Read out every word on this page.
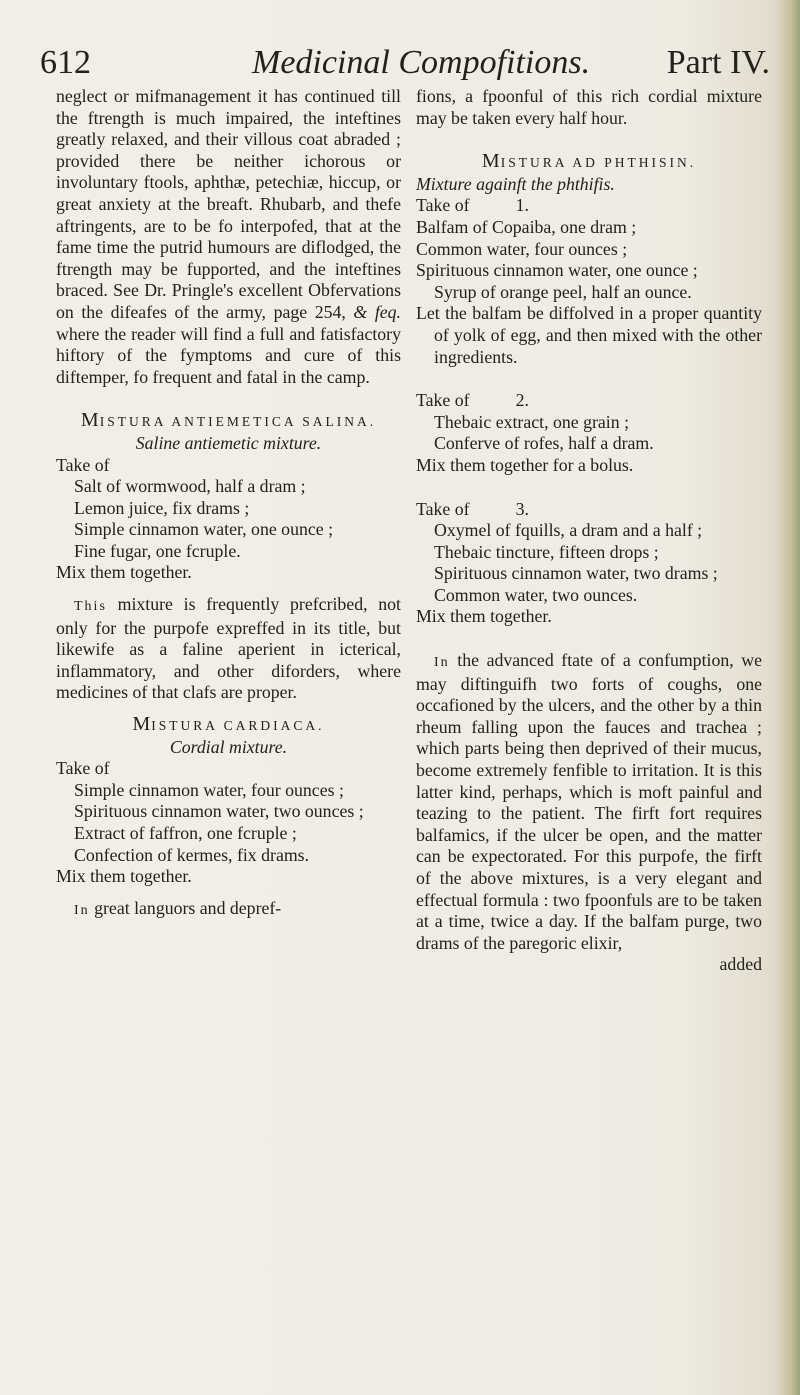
612	Medicinal Compofitions. Part IV.

neglect or mifmanagement it has continued till the ftrength is much impaired, the inteftines greatly relaxed, and their villous coat abraded ; provided there be neither ichorous or involuntary ftools, aphthæ, petechiæ, hiccup, or great anxiety at the breaft. Rhubarb, and thefe aftringents, are to be fo interpofed, that at the fame time the putrid humours are diflodged, the ftrength may be fupported, and the inteftines braced. See Dr. Pringle's excellent Obfervations on the difeafes of the army, page 254, & feq. where the reader will find a full and fatisfactory hiftory of the fymptoms and cure of this diftemper, fo frequent and fatal in the camp.

MISTURA ANTIEMETICA SALINA.

Saline antiemetic mixture.

Take of

Salt of wormwood, half a dram ;

Lemon juice, fix drams ;

Simple cinnamon water, one ounce ;

Fine fugar, one fcruple.

Mix them together.

This mixture is frequently prefcribed, not only for the purpofe expreffed in its title, but likewife as a faline aperient in icterical, inflammatory, and other diforders, where medicines of that clafs are proper.

MISTURA CARDIACA.

Cordial mixture.

Take of

Simple cinnamon water, four ounces ;

Spirituous cinnamon water, two ounces ;

Extract of faffron, one fcruple ;

Confection of kermes, fix drams.

Mix them together.

In great languors and depref-

fions, a fpoonful of this rich cordial mixture may be taken every half hour.

MISTURA AD PHTHISIN.

Mixture againft the phthifis.

Take of	1.

Balfam of Copaiba, one dram ;

Common water, four ounces ;

Spirituous cinnamon water, one ounce ;

Syrup of orange peel, half an ounce.

Let the balfam be diffolved in a proper quantity of yolk of egg, and then mixed with the other ingredients.

Take of	2.

Thebaic extract, one grain ;

Conferve of rofes, half a dram.

Mix them together for a bolus.

Take of	3.

Oxymel of fquills, a dram and a half ;

Thebaic tincture, fifteen drops ;

Spirituous cinnamon water, two drams ;

Common water, two ounces.

Mix them together.

In the advanced ftate of a confumption, we may diftinguifh two forts of coughs, one occafioned by the ulcers, and the other by a thin rheum falling upon the fauces and trachea ; which parts being then deprived of their mucus, become extremely fenfible to irritation. It is this latter kind, perhaps, which is moft painful and teazing to the patient. The firft fort requires balfamics, if the ulcer be open, and the matter can be expectorated. For this purpofe, the firft of the above mixtures, is a very elegant and effectual formula : two fpoonfuls are to be taken at a time, twice a day. If the balfam purge, two drams of the paregoric elixir,

added
